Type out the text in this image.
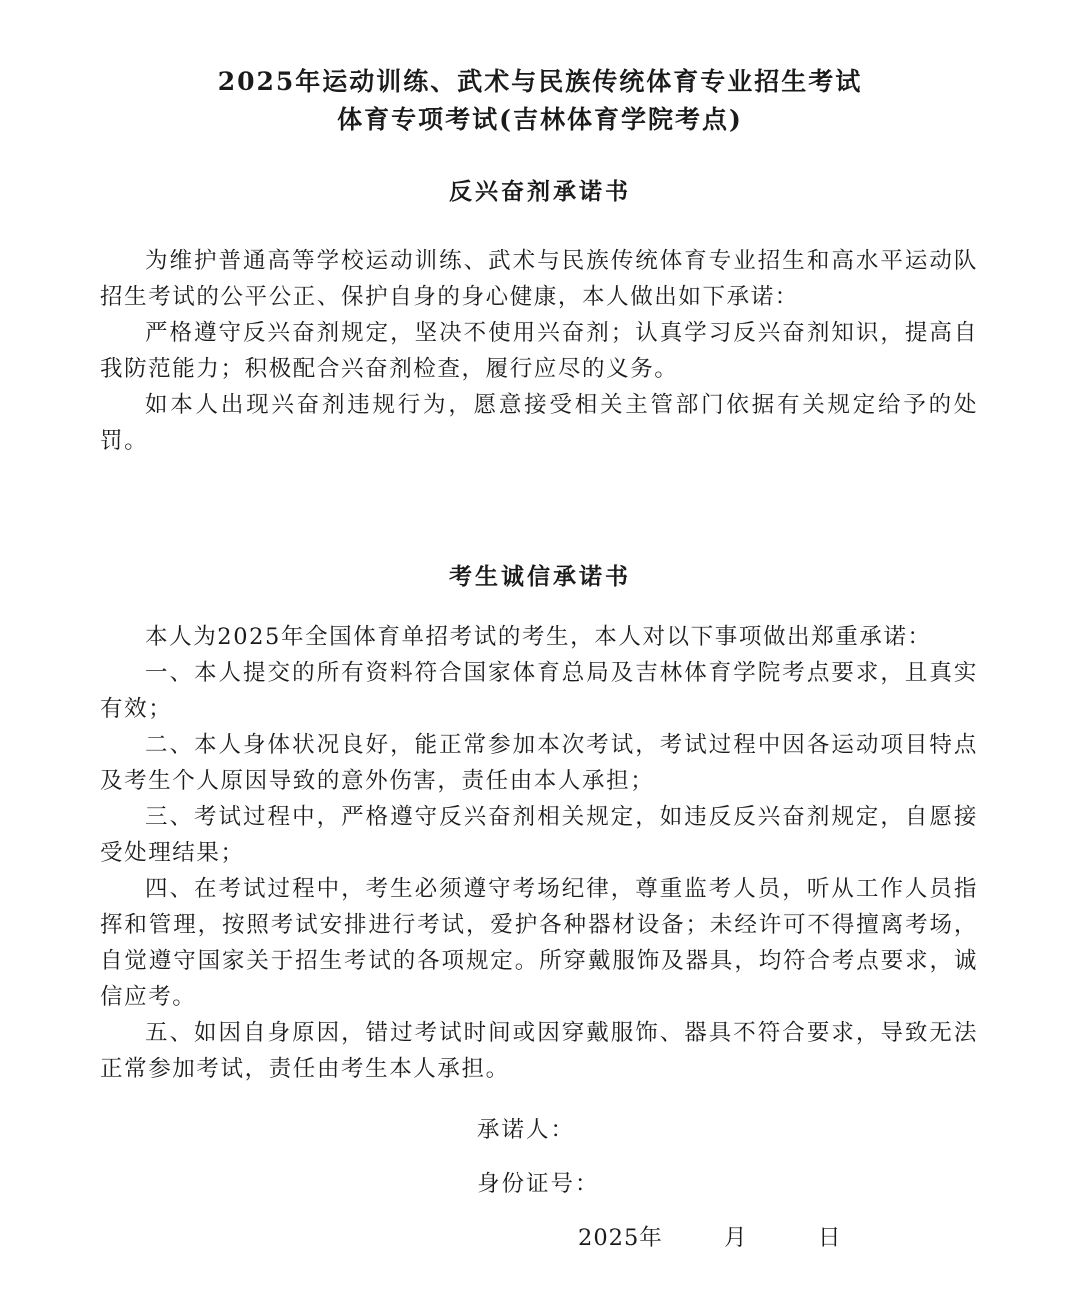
2025年运动训练、武术与民族传统体育专业招生考试
体育专项考试(吉林体育学院考点)
反兴奋剂承诺书

为维护普通高等学校运动训练、武术与民族传统体育专业招生和高水平运动队招生考试的公平公正、保护自身的身心健康，本人做出如下承诺：

严格遵守反兴奋剂规定，坚决不使用兴奋剂；认真学习反兴奋剂知识，提高自我防范能力；积极配合兴奋剂检查，履行应尽的义务。

如本人出现兴奋剂违规行为，愿意接受相关主管部门依据有关规定给予的处罚。

考生诚信承诺书

本人为2025年全国体育单招考试的考生，本人对以下事项做出郑重承诺：

一、本人提交的所有资料符合国家体育总局及吉林体育学院考点要求，且真实有效；

二、本人身体状况良好，能正常参加本次考试，考试过程中因各运动项目特点及考生个人原因导致的意外伤害，责任由本人承担；

三、考试过程中，严格遵守反兴奋剂相关规定，如违反反兴奋剂规定，自愿接受处理结果；

四、在考试过程中，考生必须遵守考场纪律，尊重监考人员，听从工作人员指挥和管理，按照考试安排进行考试，爱护各种器材设备；未经许可不得擅离考场，自觉遵守国家关于招生考试的各项规定。所穿戴服饰及器具，均符合考点要求，诚信应考。

五、如因自身原因，错过考试时间或因穿戴服饰、器具不符合要求，导致无法正常参加考试，责任由考生本人承担。

承诺人：
身份证号：
2025年	月	日
